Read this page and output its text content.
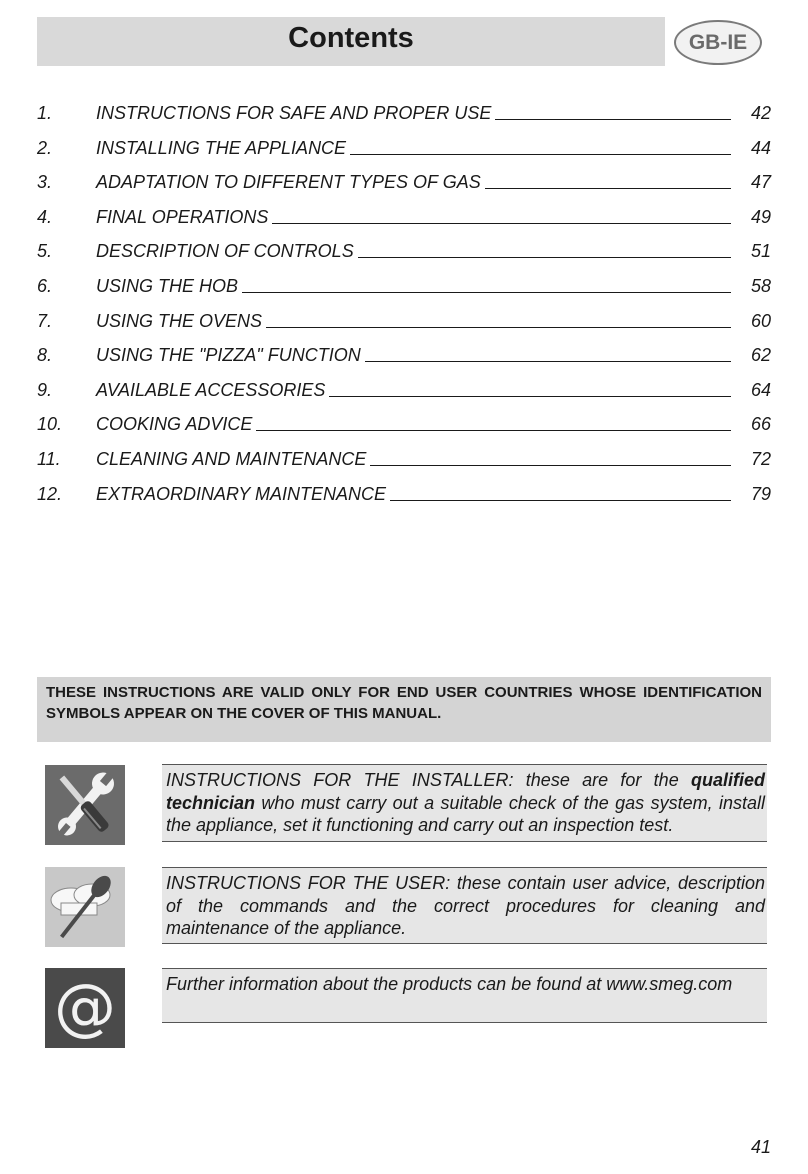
Contents	GB-IE
1. INSTRUCTIONS FOR SAFE AND PROPER USE	42
2. INSTALLING THE APPLIANCE	44
3. ADAPTATION TO DIFFERENT TYPES OF GAS	47
4. FINAL OPERATIONS	49
5. DESCRIPTION OF CONTROLS	51
6. USING THE HOB	58
7. USING THE OVENS	60
8. USING THE "PIZZA" FUNCTION	62
9. AVAILABLE ACCESSORIES	64
10. COOKING ADVICE	66
11. CLEANING AND MAINTENANCE	72
12. EXTRAORDINARY MAINTENANCE	79
THESE INSTRUCTIONS ARE VALID ONLY FOR END USER COUNTRIES WHOSE IDENTIFICATION SYMBOLS APPEAR ON THE COVER OF THIS MANUAL.
INSTRUCTIONS FOR THE INSTALLER: these are for the qualified technician who must carry out a suitable check of the gas system, install the appliance, set it functioning and carry out an inspection test.
INSTRUCTIONS FOR THE USER: these contain user advice, description of the commands and the correct procedures for cleaning and maintenance of the appliance.
@	Further information about the products can be found at www.smeg.com
41
